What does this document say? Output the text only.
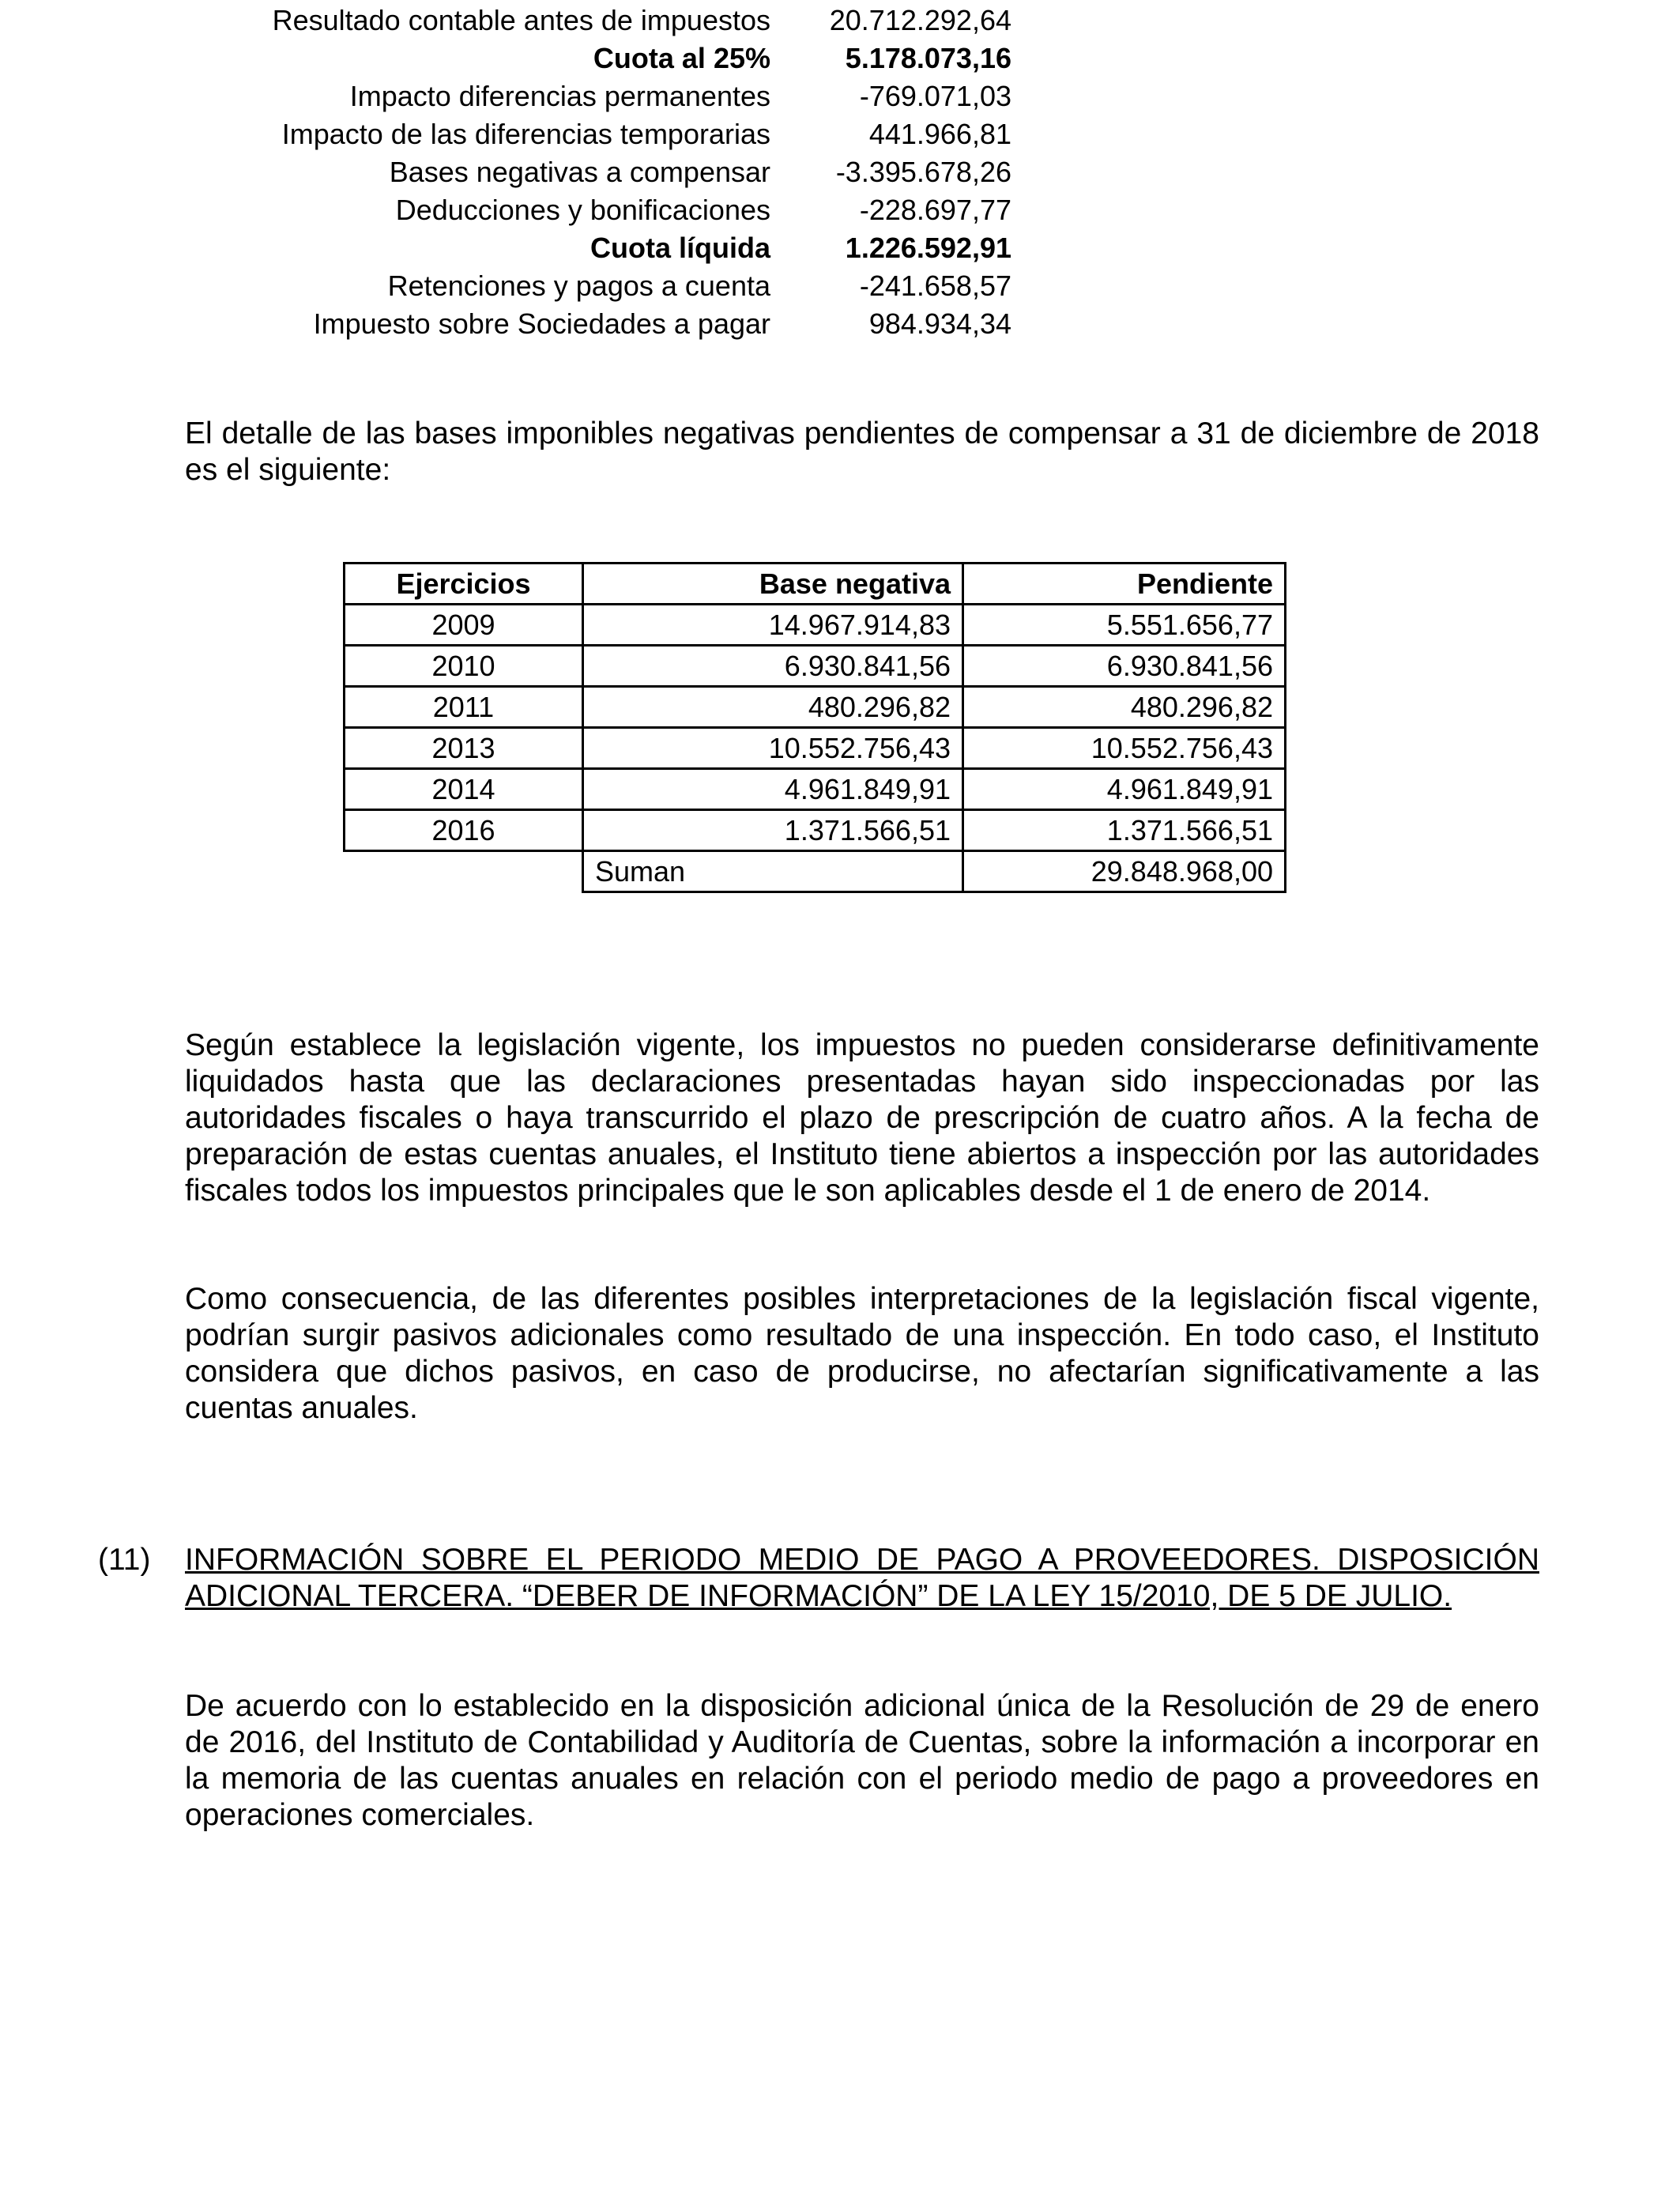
Resultado contable antes de impuestos 20.712.292,64
Cuota al 25%	5.178.073,16
Impacto diferencias permanentes	-769.071,03
Impacto de las diferencias temporarias	441.966,81
Bases negativas a compensar -3.395.678,26
Deducciones y bonificaciones	-228.697,77
Cuota líquida	1.226.592,91
Retenciones y pagos a cuenta	-241.658,57
Impuesto sobre Sociedades a pagar	984.934,34

El detalle de las bases imponibles negativas pendientes de compensar a 31 de diciembre de 2018 es el siguiente:

Ejercicios	Base negativa	Pendiente
2009	14.967.914,83	5.551.656,77
2010	6.930.841,56	6.930.841,56
2011	480.296,82	480.296,82
2013	10.552.756,43	10.552.756,43
2014	4.961.849,91	4.961.849,91
2016	1.371.566,51	1.371.566,51
	Suman	29.848.968,00

Según establece la legislación vigente, los impuestos no pueden considerarse definitivamente liquidados hasta que las declaraciones presentadas hayan sido inspeccionadas por las autoridades fiscales o haya transcurrido el plazo de prescripción de cuatro años. A la fecha de preparación de estas cuentas anuales, el Instituto tiene abiertos a inspección por las autoridades fiscales todos los impuestos principales que le son aplicables desde el 1 de enero de 2014.

Como consecuencia, de las diferentes posibles interpretaciones de la legislación fiscal vigente, podrían surgir pasivos adicionales como resultado de una inspección. En todo caso, el Instituto considera que dichos pasivos, en caso de producirse, no afectarían significativamente a las cuentas anuales.

(11) INFORMACIÓN SOBRE EL PERIODO MEDIO DE PAGO A PROVEEDORES. DISPOSICIÓN ADICIONAL TERCERA. “DEBER DE INFORMACIÓN” DE LA LEY 15/2010, DE 5 DE JULIO.

De acuerdo con lo establecido en la disposición adicional única de la Resolución de 29 de enero de 2016, del Instituto de Contabilidad y Auditoría de Cuentas, sobre la información a incorporar en la memoria de las cuentas anuales en relación con el periodo medio de pago a proveedores en operaciones comerciales.
